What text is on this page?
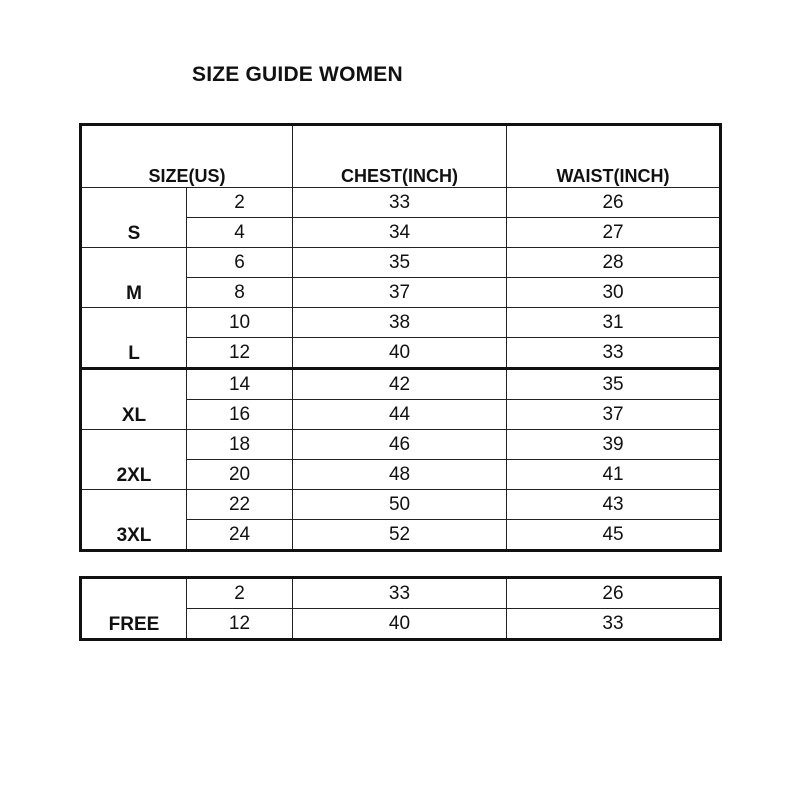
SIZE GUIDE WOMEN
SIZE(US)		CHEST(INCH)	WAIST(INCH)
S	2	33	26
	4	34	27
M	6	35	28
	8	37	30
L	10	38	31
	12	40	33
XL	14	42	35
	16	44	37
2XL	18	46	39
	20	48	41
3XL	22	50	43
	24	52	45
FREE	2	33	26
	12	40	33
